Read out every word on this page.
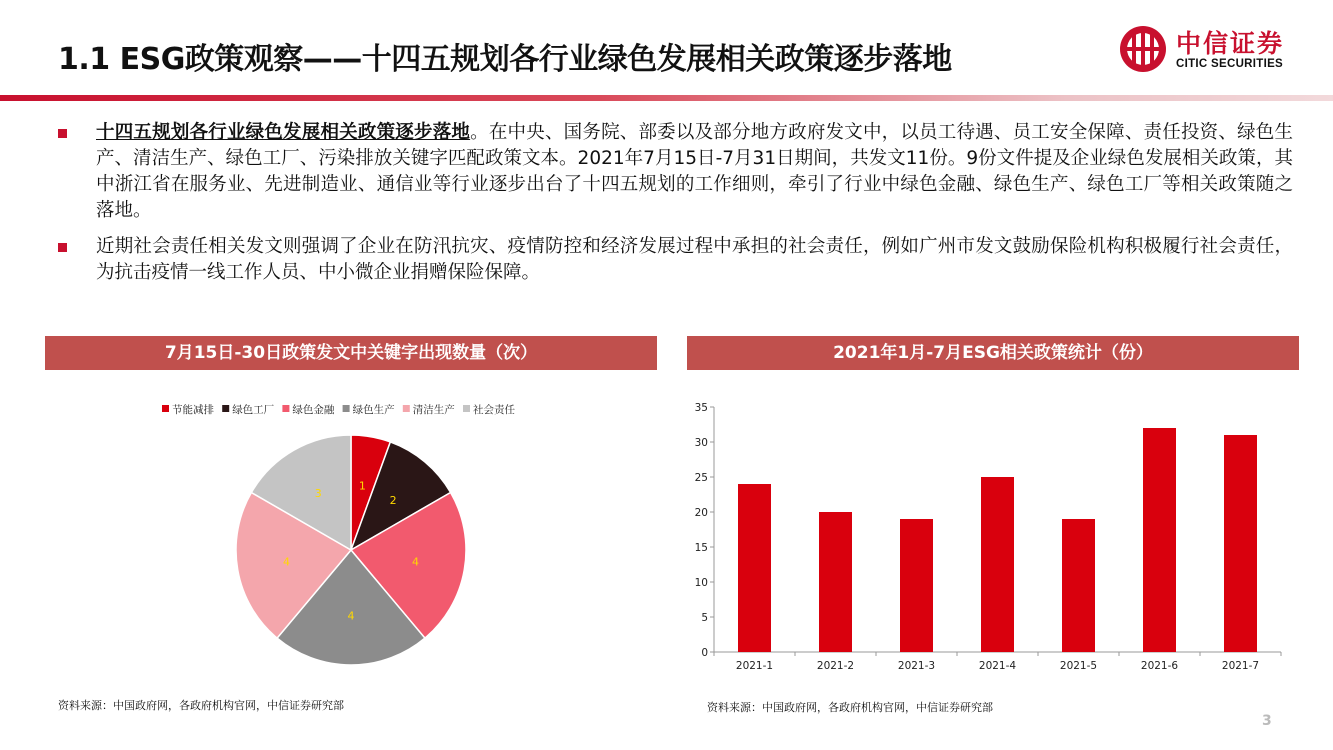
1.1 ESG政策观察——十四五规划各行业绿色发展相关政策逐步落地	中信证券
CITIC SECURITIES
十四五规划各行业绿色发展相关政策逐步落地。在中央、国务院、部委以及部分地方政府发文中，以员工待遇、员工安全保障、责任投资、绿色生产、清洁生产、绿色工厂、污染排放关键字匹配政策文本。2021年7月15日-7月31日期间，共发文11份。9份文件提及企业绿色发展相关政策，其中浙江省在服务业、先进制造业、通信业等行业逐步出台了十四五规划的工作细则，牵引了行业中绿色金融、绿色生产、绿色工厂等相关政策随之落地。
近期社会责任相关发文则强调了企业在防汛抗灾、疫情防控和经济发展过程中承担的社会责任，例如广州市发文鼓励保险机构积极履行社会责任，为抗击疫情一线工作人员、中小微企业捐赠保险保障。
7月15日-30日政策发文中关键字出现数量（次）	2021年1月-7月ESG相关政策统计（份）
节能减排 绿色工厂 绿色金融 绿色生产 清洁生产 社会责任
1
2
4
4
4
3
0
5
10
15
20
25
30
35
2021-1	2021-2	2021-3	2021-4	2021-5	2021-6	2021-7
资料来源：中国政府网，各政府机构官网，中信证券研究部	资料来源：中国政府网，各政府机构官网，中信证券研究部
3
